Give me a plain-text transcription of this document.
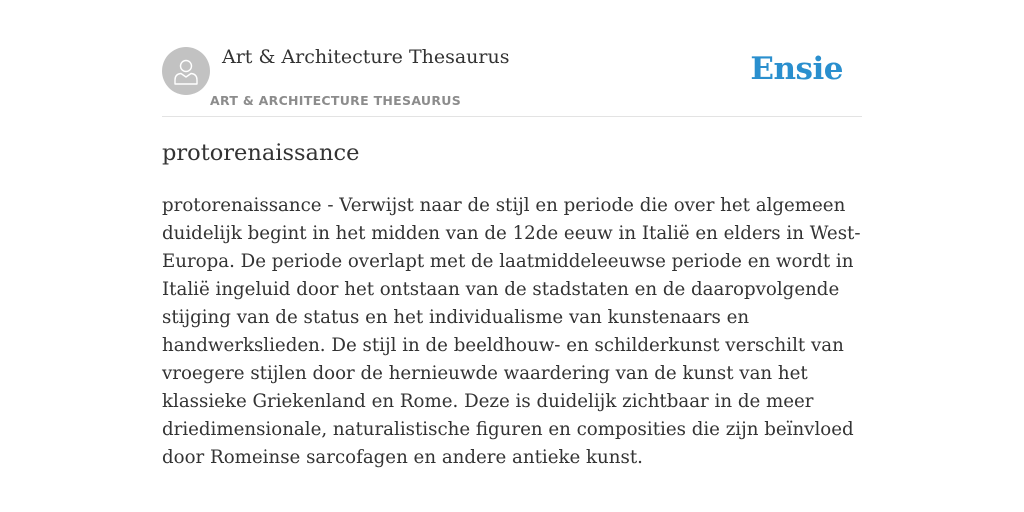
Art & Architecture Thesaurus
ART & ARCHITECTURE THESAURUS
Ensie
protorenaissance

protorenaissance - Verwijst naar de stijl en periode die over het algemeen duidelijk begint in het midden van de 12de eeuw in Italië en elders in West-Europa. De periode overlapt met de laatmiddeleeuwse periode en wordt in Italië ingeluid door het ontstaan van de stadstaten en de daaropvolgende stijging van de status en het individualisme van kunstenaars en handwerkslieden. De stijl in de beeldhouw- en schilderkunst verschilt van vroegere stijlen door de hernieuwde waardering van de kunst van het klassieke Griekenland en Rome. Deze is duidelijk zichtbaar in de meer driedimensionale, naturalistische figuren en composities die zijn beïnvloed door Romeinse sarcofagen en andere antieke kunst.
